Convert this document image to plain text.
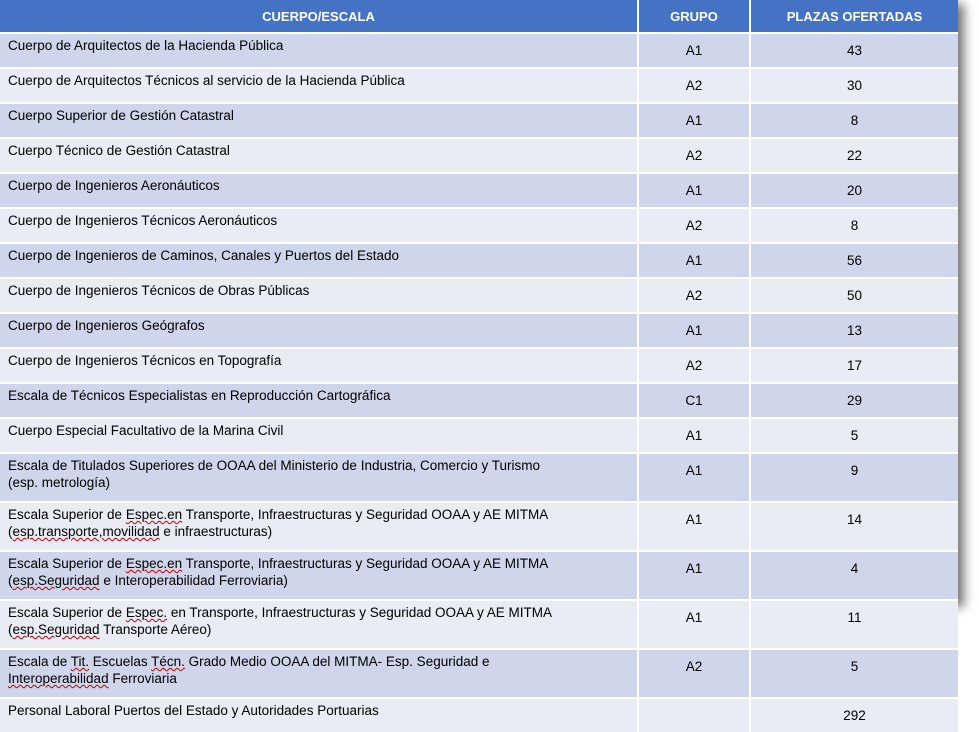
CUERPO/ESCALA	GRUPO	PLAZAS OFERTADAS
Cuerpo de Arquitectos de la Hacienda Pública	A1	43
Cuerpo de Arquitectos Técnicos al servicio de la Hacienda Pública	A2	30
Cuerpo Superior de Gestión Catastral	A1	8
Cuerpo Técnico de Gestión Catastral	A2	22
Cuerpo de Ingenieros Aeronáuticos	A1	20
Cuerpo de Ingenieros Técnicos Aeronáuticos	A2	8
Cuerpo de Ingenieros de Caminos, Canales y Puertos del Estado	A1	56
Cuerpo de Ingenieros Técnicos de Obras Públicas	A2	50
Cuerpo de Ingenieros Geógrafos	A1	13
Cuerpo de Ingenieros Técnicos en Topografía	A2	17
Escala de Técnicos Especialistas en Reproducción Cartográfica	C1	29
Cuerpo Especial Facultativo de la Marina Civil	A1	5
Escala de Titulados Superiores de OOAA del Ministerio de Industria, Comercio y Turismo
(esp. metrología)	A1	9
Escala Superior de Espec.en Transporte, Infraestructuras y Seguridad OOAA y AE MITMA
(esp.transporte,movilidad e infraestructuras)	A1	14
Escala Superior de Espec.en Transporte, Infraestructuras y Seguridad OOAA y AE MITMA
(esp.Seguridad e Interoperabilidad Ferroviaria)	A1	4
Escala Superior de Espec. en Transporte, Infraestructuras y Seguridad OOAA y AE MITMA
(esp.Seguridad Transporte Aéreo)	A1	11
Escala de Tit. Escuelas Técn. Grado Medio OOAA del MITMA- Esp. Seguridad e
Interoperabilidad Ferroviaria	A2	5
Personal Laboral Puertos del Estado y Autoridades Portuarias		292
